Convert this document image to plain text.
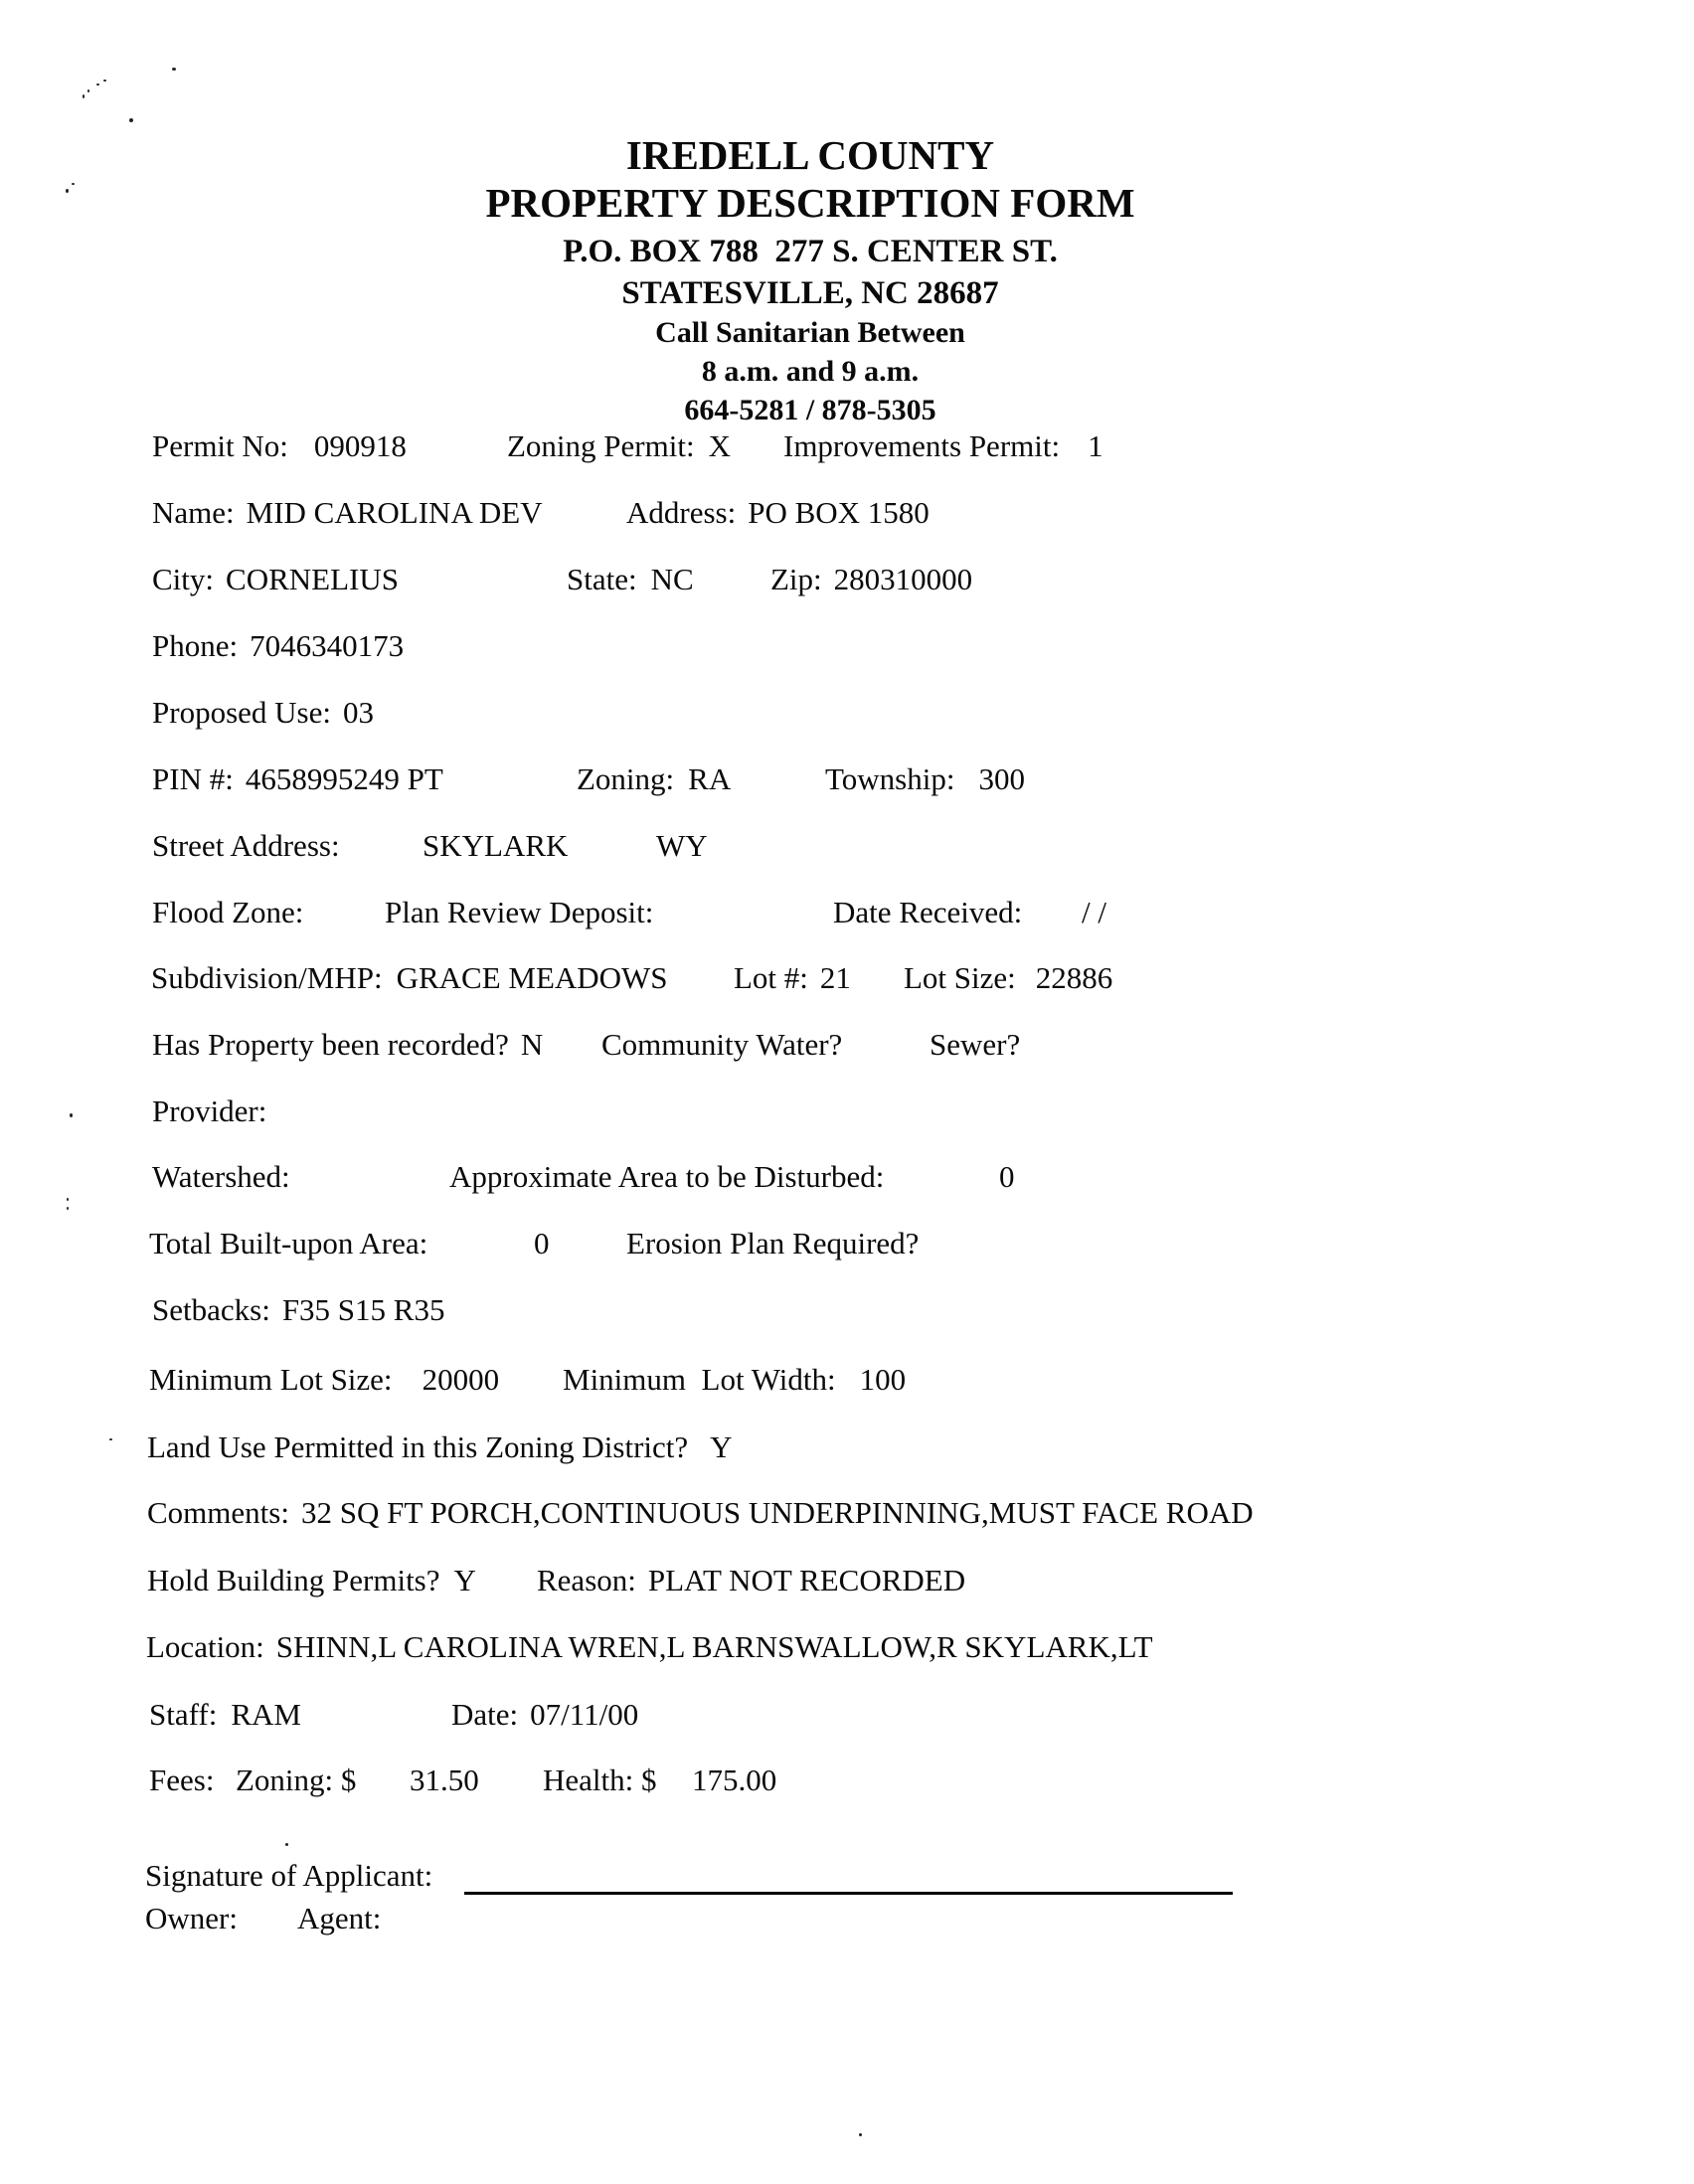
IREDELL COUNTY
PROPERTY DESCRIPTION FORM
P.O. BOX 788  277 S. CENTER ST.
STATESVILLE, NC 28687
Call Sanitarian Between
8 a.m. and 9 a.m.
664-5281 / 878-5305
Permit No: 090918	Zoning Permit: X Improvements Permit: 1
Name: MID CAROLINA DEV	Address: PO BOX 1580
City: CORNELIUS	State: NC Zip: 280310000
Phone: 7046340173
Proposed Use: 03
PIN #: 4658995249 PT	Zoning: RA	Township: 300
Street Address:	SKYLARK	WY
Flood Zone:	Plan Review Deposit:	Date Received: / /
Subdivision/MHP: GRACE MEADOWS Lot #: 21 Lot Size: 22886
Has Property been recorded? N Community Water?	Sewer?
Provider:
Watershed:	Approximate Area to be Disturbed:	0
Total Built-upon Area:	0	Erosion Plan Required?
Setbacks: F35 S15 R35
Minimum Lot Size: 20000 Minimum  Lot Width: 100
Land Use Permitted in this Zoning District? Y
Comments: 32 SQ FT PORCH,CONTINUOUS UNDERPINNING,MUST FACE ROAD
Hold Building Permits? Y Reason: PLAT NOT RECORDED
Location: SHINN,L CAROLINA WREN,L BARNSWALLOW,R SKYLARK,LT
Staff: RAM	Date: 07/11/00
Fees: Zoning: $ 31.50 Health: $ 175.00
Signature of Applicant:
Owner: Agent:
